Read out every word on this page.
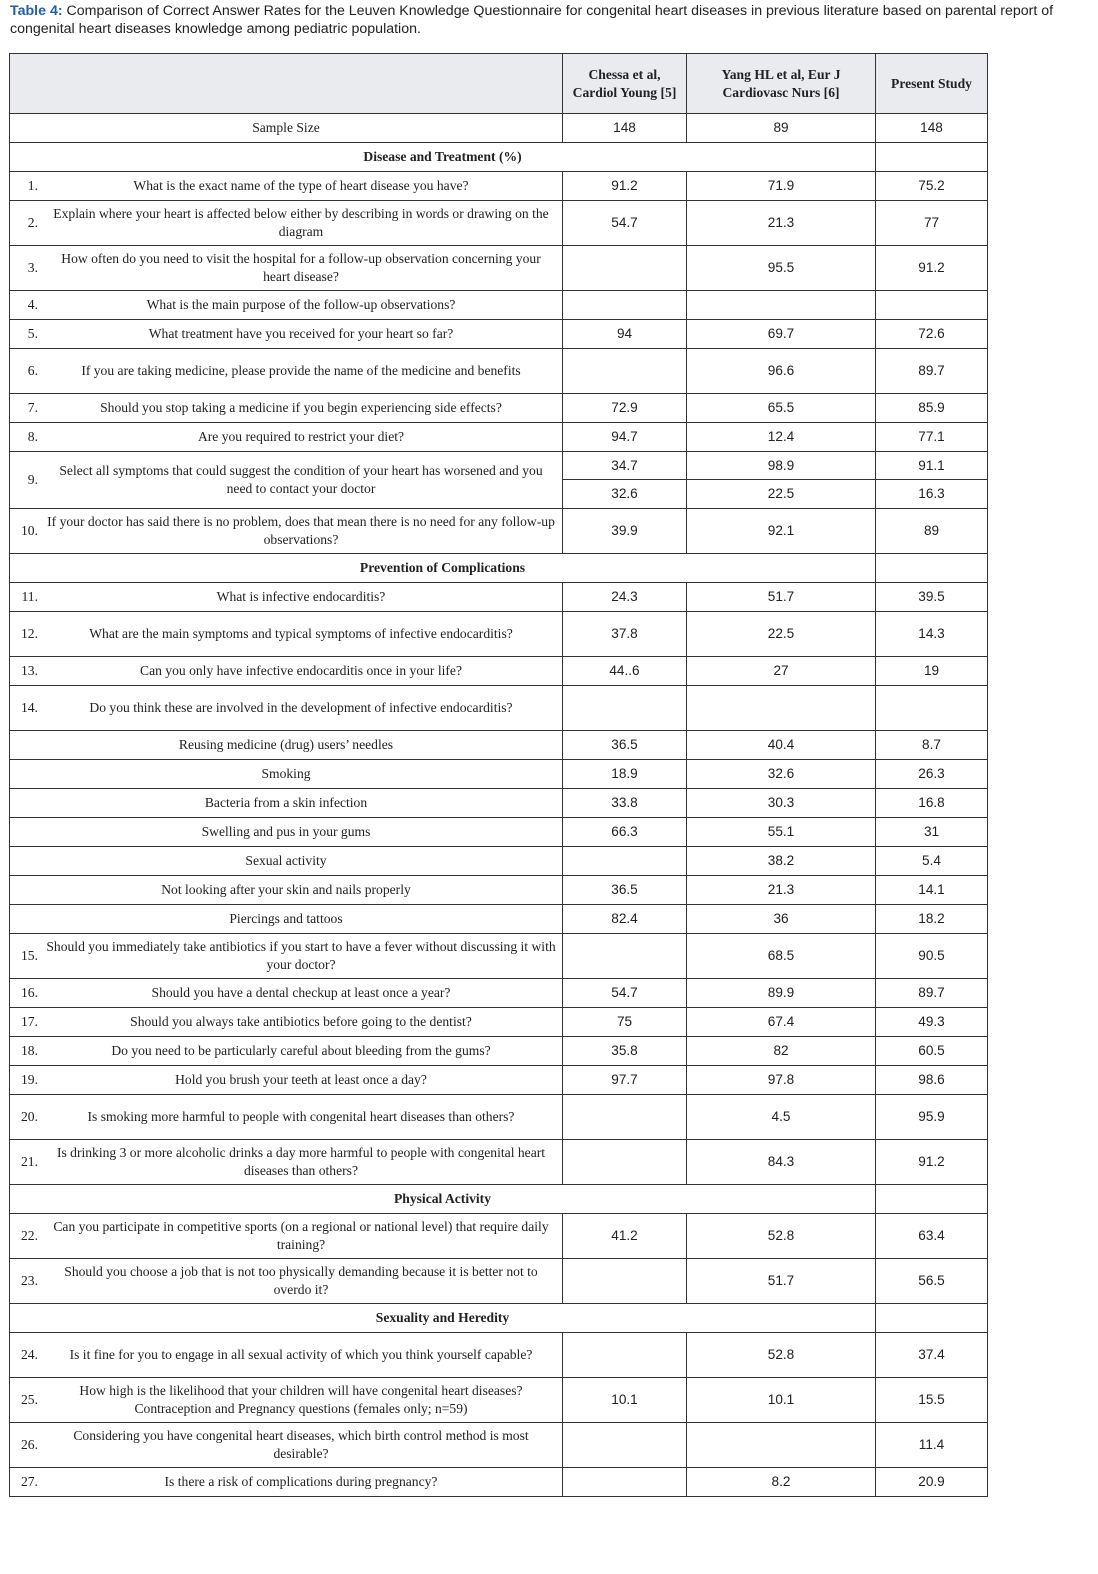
Table 4: Comparison of Correct Answer Rates for the Leuven Knowledge Questionnaire for congenital heart diseases in previous literature based on parental report of congenital heart diseases knowledge among pediatric population.
	Chessa et al, Cardiol Young [5]	Yang HL et al, Eur J Cardiovasc Nurs [6]	Present Study
Sample Size	148	89	148
Disease and Treatment (%)			

1. What is the exact name of the type of heart disease you have?	91.2	71.9	75.2

2.
Explain where your heart is affected below either by describing in words or drawing on the diagram	54.7	21.3	77

3.
How often do you need to visit the hospital for a follow-up observation concerning your heart disease?		95.5	91.2

4. What is the main purpose of the follow-up observations?			

5. What treatment have you received for your heart so far?	94	69.7	72.6

6. If you are taking medicine, please provide the name of the medicine and benefits		96.6	89.7

7. Should you stop taking a medicine if you begin experiencing side effects?	72.9	65.5	85.9

8. Are you required to restrict your diet?	94.7	12.4	77.1

9.
Select all symptoms that could suggest the condition of your heart has worsened and you need to contact your doctor	34.7	98.9	91.1
	32.6	22.5	16.3

10.
If your doctor has said there is no problem, does that mean there is no need for any follow-up observations?	39.9	92.1	89
Prevention of Complications			

11. What is infective endocarditis?	24.3	51.7	39.5

12. What are the main symptoms and typical symptoms of infective endocarditis?	37.8	22.5	14.3

13. Can you only have infective endocarditis once in your life?	44..6	27	19

14. Do you think these are involved in the development of infective endocarditis?			

Reusing medicine (drug) users’ needles	36.5	40.4	8.7
Smoking	18.9	32.6	26.3
Bacteria from a skin infection	33.8	30.3	16.8
Swelling and pus in your gums	66.3	55.1	31
Sexual activity		38.2	5.4
Not looking after your skin and nails properly	36.5	21.3	14.1
Piercings and tattoos	82.4	36	18.2

15.
Should you immediately take antibiotics if you start to have a fever without discussing it with your doctor?		68.5	90.5

16. Should you have a dental checkup at least once a year?	54.7	89.9	89.7

17. Should you always take antibiotics before going to the dentist?	75	67.4	49.3

18. Do you need to be particularly careful about bleeding from the gums?	35.8	82	60.5

19. Hold you brush your teeth at least once a day?	97.7	97.8	98.6

20. Is smoking more harmful to people with congenital heart diseases than others?		4.5	95.9

21.
Is drinking 3 or more alcoholic drinks a day more harmful to people with congenital heart diseases than others?		84.3	91.2
Physical Activity			

22.
Can you participate in competitive sports (on a regional or national level) that require daily training?	41.2	52.8	63.4

23.
Should you choose a job that is not too physically demanding because it is better not to overdo it?		51.7	56.5
Sexuality and Heredity			

24. Is it fine for you to engage in all sexual activity of which you think yourself capable?		52.8	37.4

25.
How high is the likelihood that your children will have congenital heart diseases? Contraception and Pregnancy questions (females only; n=59)	10.1	10.1	15.5

26.
Considering you have congenital heart diseases, which birth control method is most desirable?			11.4

27. Is there a risk of complications during pregnancy?		8.2	20.9
